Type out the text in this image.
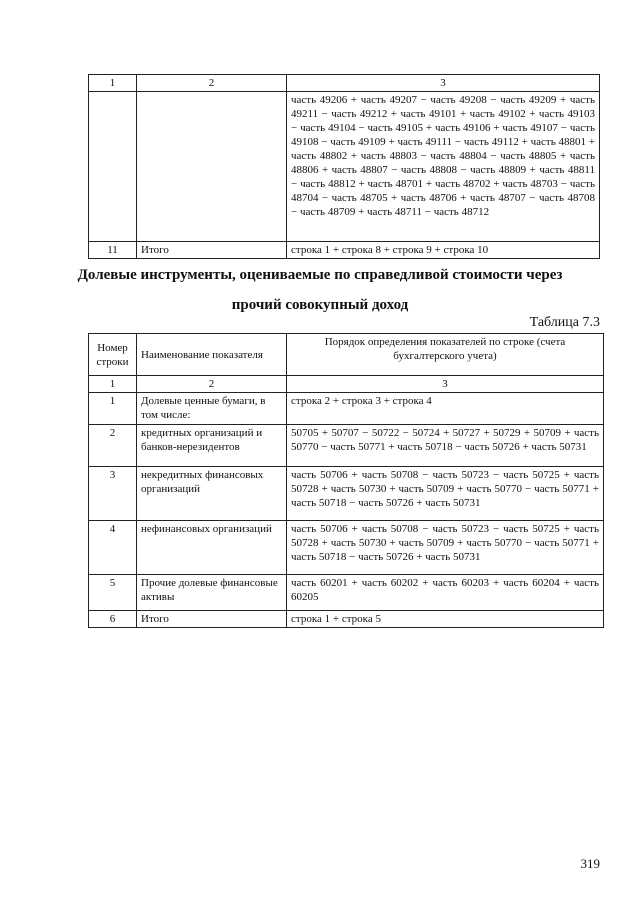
1	2	3
		часть 49206 + часть 49207 − часть 49208 − часть 49209 + часть 49211 − часть 49212 + часть 49101 + часть 49102 + часть 49103 − часть 49104 − часть 49105 + часть 49106 + часть 49107 − часть 49108 − часть 49109 + часть 49111 − часть 49112 + часть 48801 + часть 48802 + часть 48803 − часть 48804 − часть 48805 + часть 48806 + часть 48807 − часть 48808 − часть 48809 + часть 48811 − часть 48812 + часть 48701 + часть 48702 + часть 48703 − часть 48704 − часть 48705 + часть 48706 + часть 48707 − часть 48708 − часть 48709 + часть 48711 − часть 48712
11	Итого	строка 1 + строка 8 + строка 9 + строка 10
Долевые инструменты, оцениваемые по справедливой стоимости через
прочий совокупный доход
Таблица 7.3
Номер строки	Наименование показателя	Порядок определения показателей по строке (счета бухгалтерского учета)
1	2	3
1	Долевые ценные бумаги, в том числе:	строка 2 + строка 3 + строка 4
2	кредитных организаций и банков-нерезидентов	50705 + 50707 − 50722 − 50724 + 50727 + 50729 + 50709 + часть 50770 − часть 50771 + часть 50718 − часть 50726 + часть 50731
3	некредитных финансовых организаций	часть 50706 + часть 50708 − часть 50723 − часть 50725 + часть 50728 + часть 50730 + часть 50709 + часть 50770 − часть 50771 + часть 50718 − часть 50726 + часть 50731
4	нефинансовых организаций	часть 50706 + часть 50708 − часть 50723 − часть 50725 + часть 50728 + часть 50730 + часть 50709 + часть 50770 − часть 50771 + часть 50718 − часть 50726 + часть 50731
5	Прочие долевые финансовые активы	часть 60201 + часть 60202 + часть 60203 + часть 60204 + часть 60205
6	Итого	строка 1 + строка 5
319
